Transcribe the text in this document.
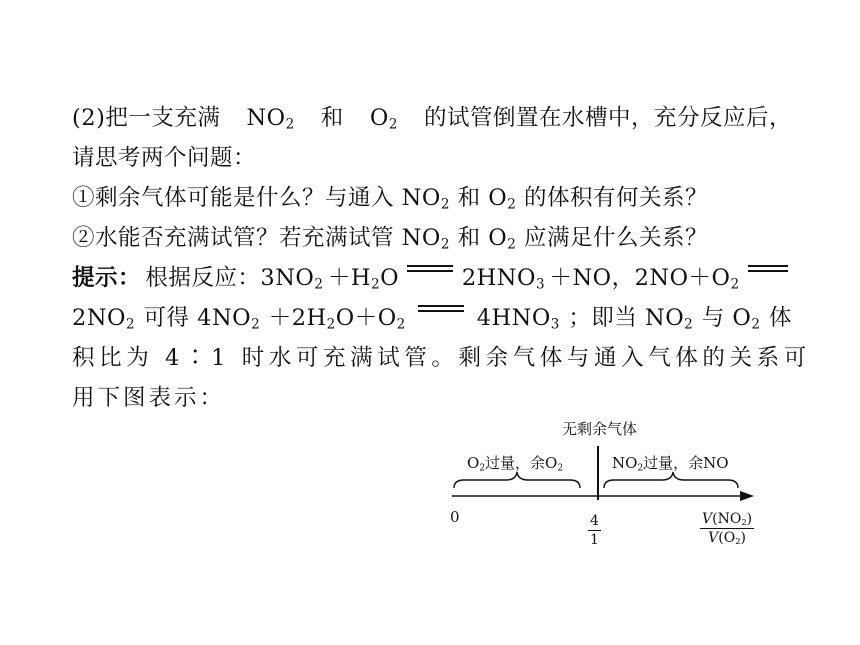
(2)把一支充满 $NO_2$ 和 $O_2$ 的试管倒置在水槽中，充分反应后，
请思考两个问题：
①剩余气体可能是什么？与通入 $NO_2$ 和 $O_2$ 的体积有何关系？
②水能否充满试管？若充满试管 $NO_2$ 和 $O_2$ 应满足什么关系？
提示： 根据反应：$3NO_2 +H_2O$	$2HNO_3 +NO$，$2NO+O_2$
$2NO_2$ 可得 $4NO_2 +2H_2O+O_2$	$4HNO_3$ ；即当 $NO_2$ 与 $O_2$ 体
积比为 4∶1 时水可充满试管。剩余气体与通入气体的关系可
用下图表示：
无剩余气体
$O_2$过量，余$O_2$	$NO_2$过量，余NO
0	$\frac{4}{1}$	$\frac{V(NO_2)}{V(O_2)}$
